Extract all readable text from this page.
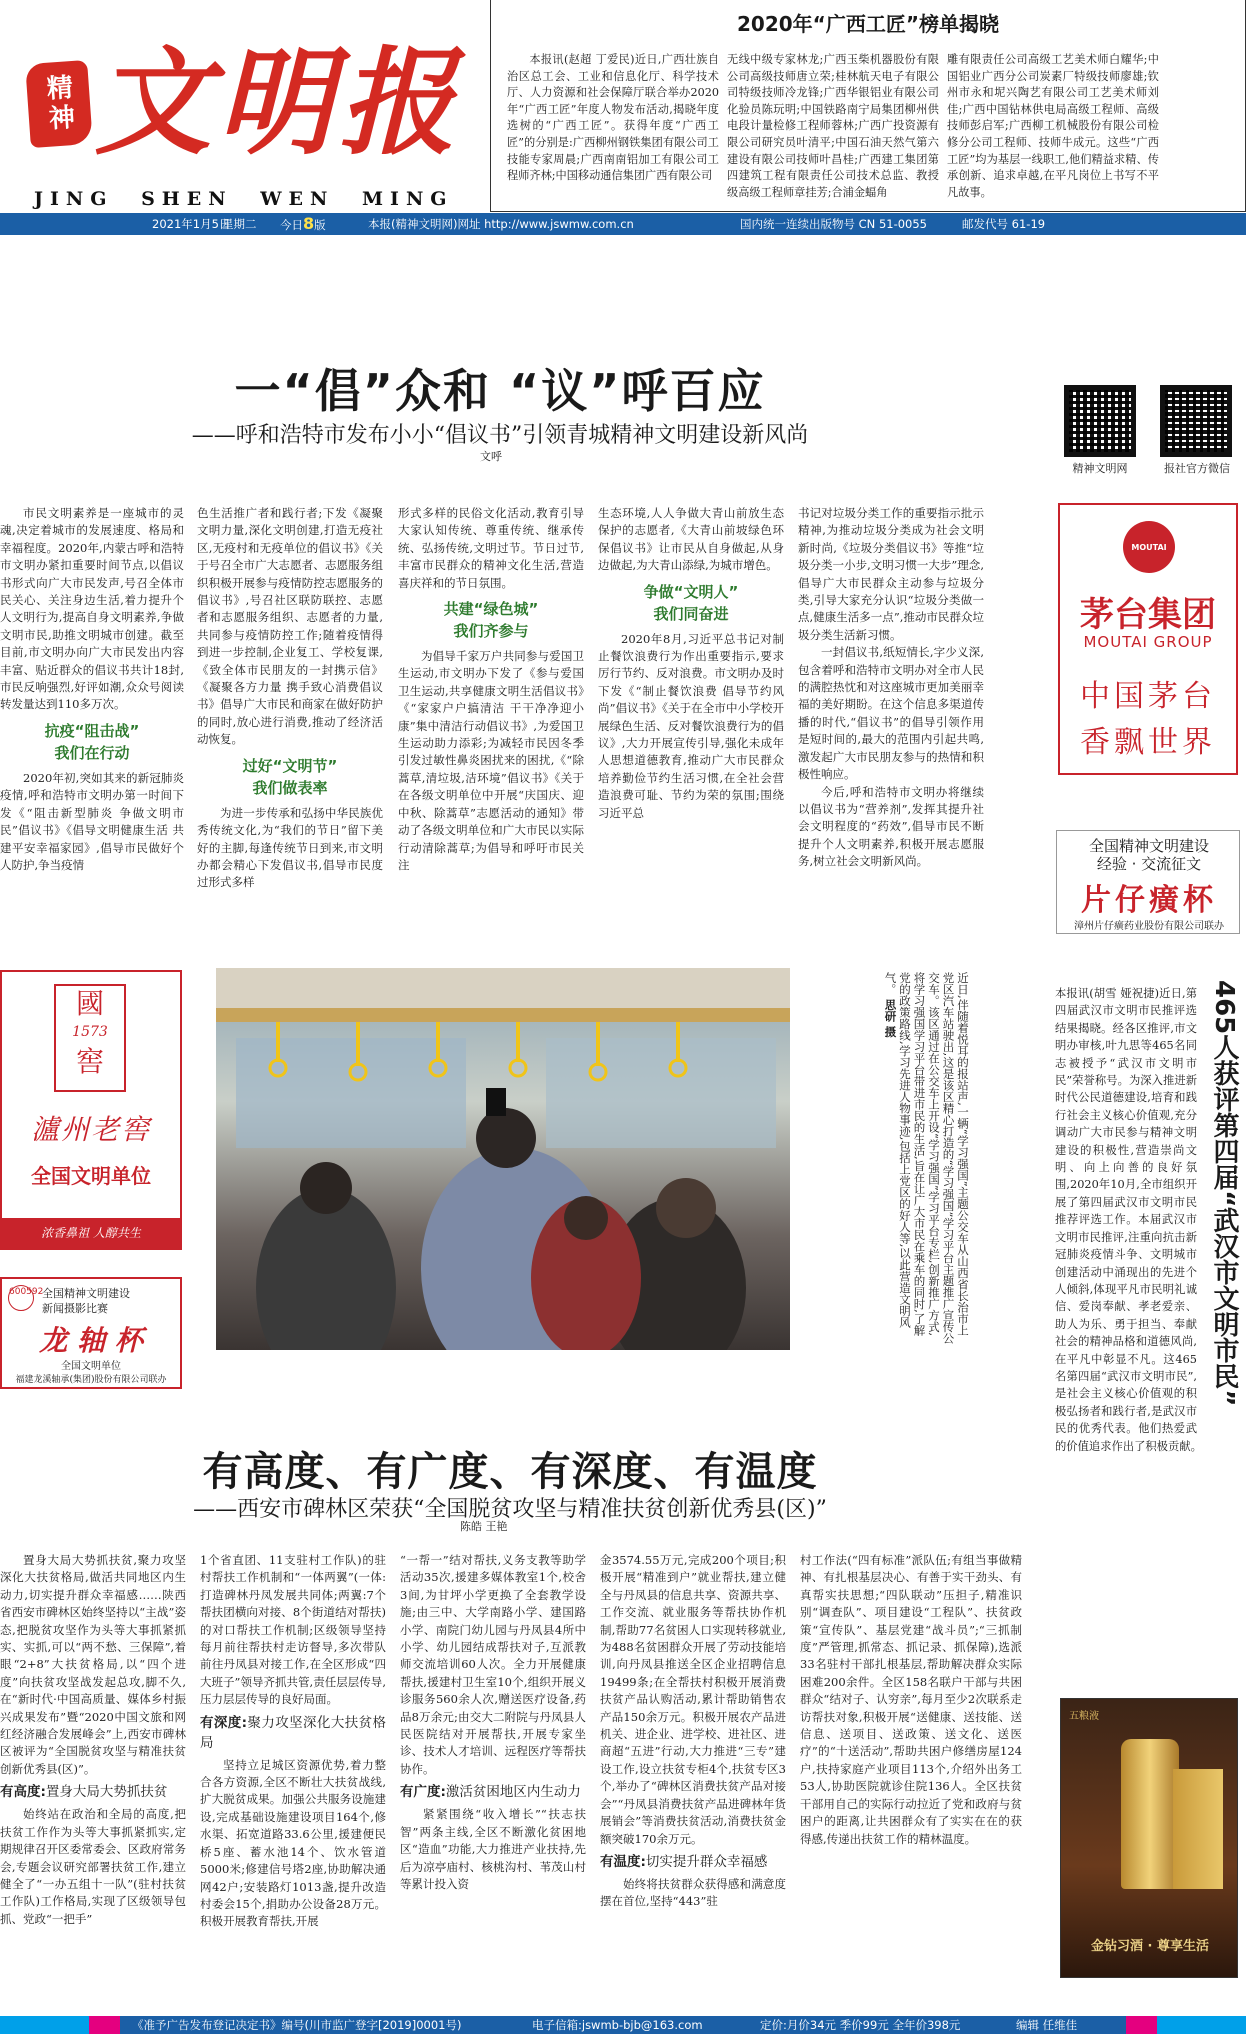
精神 文明报
JING SHEN WEN MING
2020年“广西工匠”榜单揭晓

本报讯(赵超 丁爱民)近日,广西壮族自治区总工会、工业和信息化厅、科学技术厅、人力资源和社会保障厅联合举办2020年“广西工匠”年度人物发布活动,揭晓年度选树的“广西工匠”。获得年度“广西工匠”的分别是:广西柳州钢铁集团有限公司工技能专家周晨;广西南南铝加工有限公司工程师齐林;中国移动通信集团广西有限公司

无线中级专家林龙;广西玉柴机器股份有限公司高级技师唐立荣;桂林航天电子有限公司特级技师冷龙锋;广西华银铝业有限公司化验员陈玩明;中国铁路南宁局集团柳州供电段计量检修工程师蓉林;广西广投资源有限公司研究员叶清平;中国石油天然气第六建设有限公司技师叶昌桂;广西建工集团第四建筑工程有限责任公司技术总监、教授级高级工程师章挂芳;合浦金蝠角

雕有限责任公司高级工艺美术师白耀华;中国铝业广西分公司炭素厂特级技师廖雄;钦州市永和坭兴陶艺有限公司工艺美术师刘佳;广西中国钻林供电局高级工程师、高级技师彭启军;广西柳工机械股份有限公司检修分公司工程师、技师牛成元。这些“广西工匠”均为基层一线职工,他们精益求精、传承创新、追求卓越,在平凡岗位上书写不平凡故事。

2021年1月5日
星期二 今日8版	本报(精神文明网)网址 http://www.jswmw.com.cn	国内统一连续出版物号 CN 51-0055	邮发代号 61-19
一“倡”众和 “议”呼百应
——呼和浩特市发布小小“倡议书”引领青城精神文明建设新风尚
文呼
精神文明网	报社官方微信

市民文明素养是一座城市的灵魂,决定着城市的发展速度、格局和幸福程度。2020年,内蒙古呼和浩特市文明办紧扣重要时间节点,以倡议书形式向广大市民发声,号召全体市民关心、关注身边生活,着力提升个人文明行为,提高自身文明素养,争做文明市民,助推文明城市创建。截至目前,市文明办向广大市民发出内容丰富、贴近群众的倡议书共计18封,市民反响强烈,好评如潮,众众号阅读转发量达到110多万次。

抗疫“阻击战”
我们在行动

2020年初,突如其来的新冠肺炎疫情,呼和浩特市文明办第一时间下发《“阻击新型肺炎 争做文明市民”倡议书》《倡导文明健康生活 共建平安幸福家园》,倡导市民做好个人防护,争当疫情

色生活推广者和践行者;下发《凝聚文明力量,深化文明创建,打造无疫社区,无疫村和无疫单位的倡议书》《关于号召全市广大志愿者、志愿服务组织积极开展参与疫情防控志愿服务的倡议书》,号召社区联防联控、志愿者和志愿服务组织、志愿者的力量,共同参与疫情防控工作;随着疫情得到进一步控制,企业复工、学校复课,《致全体市民朋友的一封携示信》《凝聚各方力量 携手致心消费倡议书》倡导广大市民和商家在做好防护的同时,放心进行消费,推动了经济活动恢复。

过好“文明节”
我们做表率

为进一步传承和弘扬中华民族优秀传统文化,为“我们的节日”留下美好的主脚,每逢传统节日到来,市文明办都会精心下发倡议书,倡导市民度过形式多样

形式多样的民俗文化活动,教育引导大家认知传统、尊重传统、继承传统、弘扬传统,文明过节。节日过节,丰富市民群众的精神文化生活,营造喜庆祥和的节日氛围。

共建“绿色城”
我们齐参与

为倡导千家万户共同参与爱国卫生运动,市文明办下发了《参与爱国卫生运动,共享健康文明生活倡议书》《“家家户户搞清洁 干干净净迎小康”集中清洁行动倡议书》,为爱国卫生运动助力添彩;为减轻市民因冬季引发过敏性鼻炎困扰来的困扰,《“除蒿草,清垃圾,洁环境”倡议书》《关于在各级文明单位中开展“庆国庆、迎中秋、除蒿草”志愿活动的通知》带动了各级文明单位和广大市民以实际行动清除蒿草;为倡导和呼吁市民关注

生态环境,人人争做大青山前放生态保护的志愿者,《大青山前坡绿色环保倡议书》让市民从自身做起,从身边做起,为大青山添绿,为城市增色。

争做“文明人”
我们同奋进

2020年8月,习近平总书记对制止餐饮浪费行为作出重要指示,要求厉行节约、反对浪费。市文明办及时下发《“制止餐饮浪费 倡导节约风尚”倡议书》《关于在全市中小学校开展绿色生活、反对餐饮浪费行为的倡议》,大力开展宣传引导,强化未成年人思想道德教育,推动广大市民群众培养勤俭节约生活习惯,在全社会营造浪费可耻、节约为荣的氛围;围绕习近平总

书记对垃圾分类工作的重要指示批示精神,为推动垃圾分类成为社会文明新时尚,《垃圾分类倡议书》等推“垃圾分类一小步,文明习惯一大步”理念,倡导广大市民群众主动参与垃圾分类,引导大家充分认识“垃圾分类做一点,健康生活多一点”,推动市民群众垃圾分类生活新习惯。

一封倡议书,纸短情长,字少义深,包含着呼和浩特市文明办对全市人民的满腔热忱和对这座城市更加美丽幸福的美好期盼。在这个信息多渠道传播的时代,“倡议书”的倡导引领作用是短时间的,最大的范围内引起共鸣,激发起广大市民朋友参与的热情和积极性响应。

今后,呼和浩特市文明办将继续以倡议书为“营养剂”,发挥其提升社会文明程度的“药效”,倡导市民不断提升个人文明素养,积极开展志愿服务,树立社会文明新风尚。

MOUTAI
茅台集团
MOUTAI GROUP
中国茅台
香飘世界
全国精神文明建设
经验 · 交流征文
片仔癀杯
漳州片仔癀药业股份有限公司联办
國
1573
窖
瀘州老窖
全国文明单位
浓香鼻祖 人醇共生
600592
全国精神文明建设
新闻摄影比赛
龙 轴 杯
全国文明单位
福建龙溪轴承(集团)股份有限公司联办
近日,伴随着悦耳的报站声,一辆“学习强国”主题公交车从山西省长治市上党区汽车站驶出,这是该区精心打造的“学习强国”学习平台主题推广宣传公交车。该区通过在公交车上开设“学习强国”学习平台专栏,创新推广方式,将学习强国学习平台带进市民的生活,旨在让广大市民在乘车的同时,了解党的政策路线,学习先进人物事迹,包括上党区的好人等,以此营造文明风气。 思研 摄	465人获评第四届“武汉市文明市民”

本报讯(胡雪 娅祝捷)近日,第四届武汉市文明市民推评选结果揭晓。经各区推评,市文明办审核,叶九思等465名同志被授予“武汉市文明市民”荣誉称号。为深入推进新时代公民道德建设,培育和践行社会主义核心价值观,充分调动广大市民参与精神文明建设的积极性,营造崇尚文明、向上向善的良好氛围,2020年10月,全市组织开展了第四届武汉市文明市民推荐评选工作。本届武汉市文明市民推评,注重向抗击新冠肺炎疫情斗争、文明城市创建活动中涌现出的先进个人倾斜,体现平凡市民明礼诚信、爱岗奉献、孝老爱亲、助人为乐、勇于担当、奉献社会的精神品格和道德风尚,在平凡中彰显不凡。这465名第四届“武汉市文明市民”,是社会主义核心价值观的积极弘扬者和践行者,是武汉市民的优秀代表。他们热爱武

的价值追求作出了积极贡献。

五粮液
金钻习酒 · 尊享生活
有高度、有广度、有深度、有温度
——西安市碑林区荣获“全国脱贫攻坚与精准扶贫创新优秀县(区)”
陈皓 王艳

置身大局大势抓扶贫,聚力攻坚深化大扶贫格局,做活共同地区内生动力,切实提升群众幸福感……陕西省西安市碑林区始终坚持以“主战”姿态,把脱贫攻坚作为头等大事抓紧抓实、实抓,可以“两不愁、三保障”,着眼“2+8”大扶贫格局,以“四个进度”向扶贫攻坚战发起总攻,脚不久,在“新时代·中国高质量、媒体乡村振兴成果发布”暨“2020中国文旅和网红经济融合发展峰会”上,西安市碑林区被评为“全国脱贫攻坚与精准扶贫创新优秀县(区)”。

有高度:置身大局大势抓扶贫

始终站在政治和全局的高度,把扶贫工作作为头等大事抓紧抓实,定期规律召开区委常委会、区政府常务会,专题会议研究部署扶贫工作,建立健全了“一办五组十一队”(驻村扶贫工作队)工作格局,实现了区级领导包抓、党政“一把手”

1个省直团、11支驻村工作队)的驻村帮扶工作机制和“一体两翼”(一体:打造碑林丹凤发展共同体;两翼:7个帮扶团横向对接、8个街道结对帮扶)的对口帮扶工作机制;区级领导坚持每月前往帮扶村走访督导,多次带队前往丹凤县对接工作,在全区形成“四大班子”领导齐抓共管,责任层层传导,压力层层传导的良好局面。

有深度:聚力攻坚深化大扶贫格局

坚持立足城区资源优势,着力整合各方资源,全区不断壮大扶贫战线,扩大脱贫成果。加强公共服务设施建设,完成基础设施建设项目164个,修水渠、拓宽道路33.6公里,援建便民桥5座、蓄水池14个、饮水管道5000米;修建信号塔2座,协助解决通网42户;安装路灯1013盏,提升改造村委会15个,捐助办公设备28万元。积极开展教育帮扶,开展

“一帮一”结对帮扶,义务支教等助学活动35次,援建多媒体教室1个,校舍3间,为甘坪小学更换了全套教学设施;由三中、大学南路小学、建国路小学、南院门幼儿园与丹凤县4所中小学、幼儿园结成帮扶对子,互派教师交流培训60人次。全力开展健康帮扶,援建村卫生室10个,组织开展义诊服务560余人次,赠送医疗设备,药品8万余元;由交大二附院与丹凤县人民医院结对开展帮扶,开展专家坐诊、技术人才培训、远程医疗等帮扶协作。

有广度:激活贫困地区内生动力

紧紧围绕“收入增长”“扶志扶智”两条主线,全区不断激化贫困地区“造血”功能,大力推进产业扶持,先后为凉亭庙村、核桃沟村、苇茂山村等累计投入资

金3574.55万元,完成200个项目;积极开展“精准到户”就业帮扶,建立健全与丹凤县的信息共享、资源共享、工作交流、就业服务等帮扶协作机制,帮助77名贫困人口实现转移就业,为488名贫困群众开展了劳动技能培训,向丹凤县推送全区企业招聘信息19499条;在全帮扶村积极开展消费扶贫产品认购活动,累计帮助销售农产品150余万元。积极开展农产品进机关、进企业、进学校、进社区、进商超“五进”行动,大力推进“三专”建设工作,设立扶贫专柜4个,扶贫专区3个,举办了“碑林区消费扶贫产品对接会”“丹凤县消费扶贫产品进碑林年货展销会”等消费扶贫活动,消费扶贫金额突破170余万元。

有温度:切实提升群众幸福感

始终将扶贫群众获得感和满意度摆在首位,坚持“443”驻

村工作法(“四有标准”派队伍;有组当事做精神、有扎根基层决心、有善于实干劲头、有真帮实扶思想;“四队联动”压担子,精准识别“调查队”、项目建设“工程队”、扶贫政策“宣传队”、基层党建“战斗员”;“三抓制度”严管理,抓常态、抓记录、抓保障),选派33名驻村干部扎根基层,帮助解决群众实际困难200余件。全区158名联户干部与共困群众“结对子、认穷亲”,每月至少2次联系走访帮扶对象,积极开展“送健康、送技能、送信息、送项目、送政策、送文化、送医疗”的“十送活动”,帮助共困户修缮房屋124户,扶持家庭产业项目113个,介绍外出务工53人,协助医院就诊住院136人。全区扶贫干部用自己的实际行动拉近了党和政府与贫困户的距离,让共困群众有了实实在在的获得感,传递出扶贫工作的精林温度。

《准予广告发布登记决定书》编号(川市监广登字[2019]0001号)	电子信箱:jswmb-bjb@163.com	定价:月价34元 季价99元 全年价398元	编辑 任维佳
